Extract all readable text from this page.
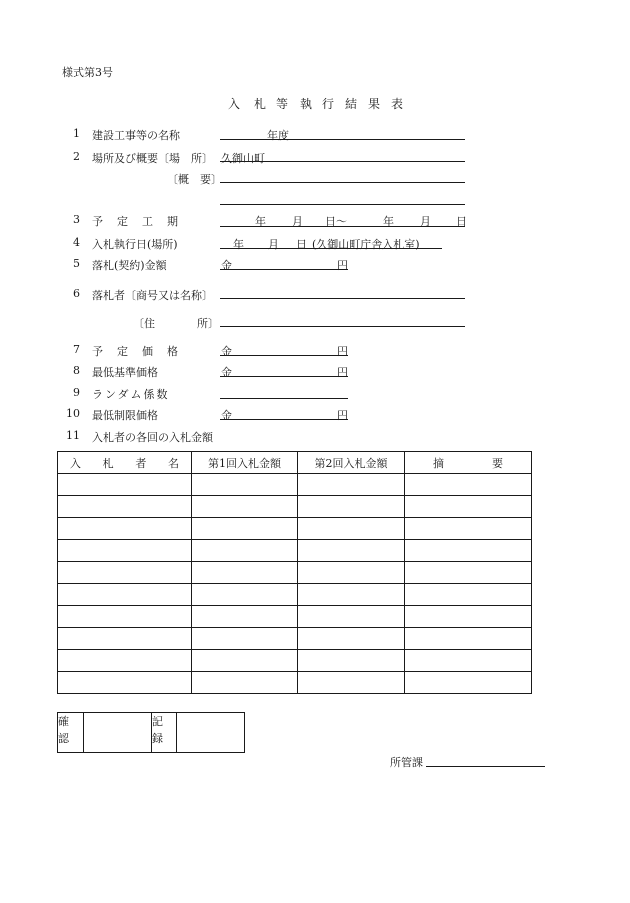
様式第3号
入 札 等 執 行 結 果 表
1 建設工事等の名称	年度
2 場所及び概要〔場　所〕 久御山町
〔概　要〕
3 予 定 工 期	年 月 日～	年 月 日
4 入札執行日(場所)	年 月 日 (久御山町庁舎入札室)
5 落札(契約)金額	金	円
6 落札者〔商号又は名称〕
〔住	所〕
7 予 定 価 格	金	円
8 最低基準価格	金	円
9 ランダム係数
10 最低制限価格	金	円
11 入札者の各回の入札金額
入 札 者 名	第1回入札金額	第2回入札金額	摘 要

確
認

記
録

所管課
